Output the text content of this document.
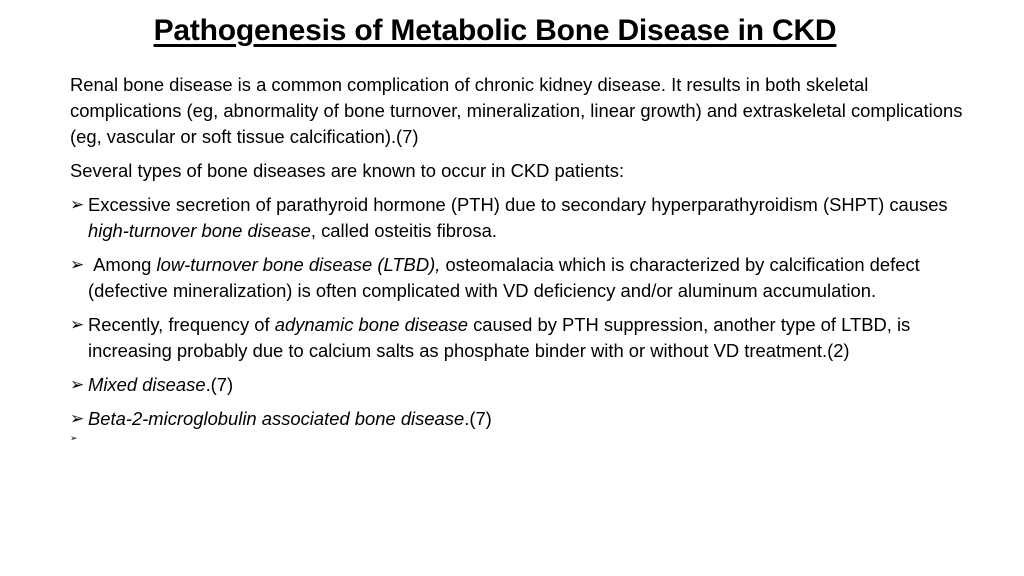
Pathogenesis of Metabolic Bone Disease in CKD

Renal bone disease is a common complication of chronic kidney disease. It results in both skeletal complications (eg, abnormality of bone turnover, mineralization, linear growth) and extraskeletal complications (eg, vascular or soft tissue calcification).(7)

Several types of bone diseases are known to occur in CKD patients:

➢ Excessive secretion of parathyroid hormone (PTH) due to secondary hyperparathyroidism (SHPT) causes high-turnover bone disease, called osteitis fibrosa.
➢ Among low-turnover bone disease (LTBD), osteomalacia which is characterized by calcification defect (defective mineralization) is often complicated with VD deficiency and/or aluminum accumulation.
➢ Recently, frequency of adynamic bone disease caused by PTH suppression, another type of LTBD, is increasing probably due to calcium salts as phosphate binder with or without VD treatment.(2)
➢ Mixed disease.(7)
➢ Beta-2-microglobulin associated bone disease.(7)
➢
